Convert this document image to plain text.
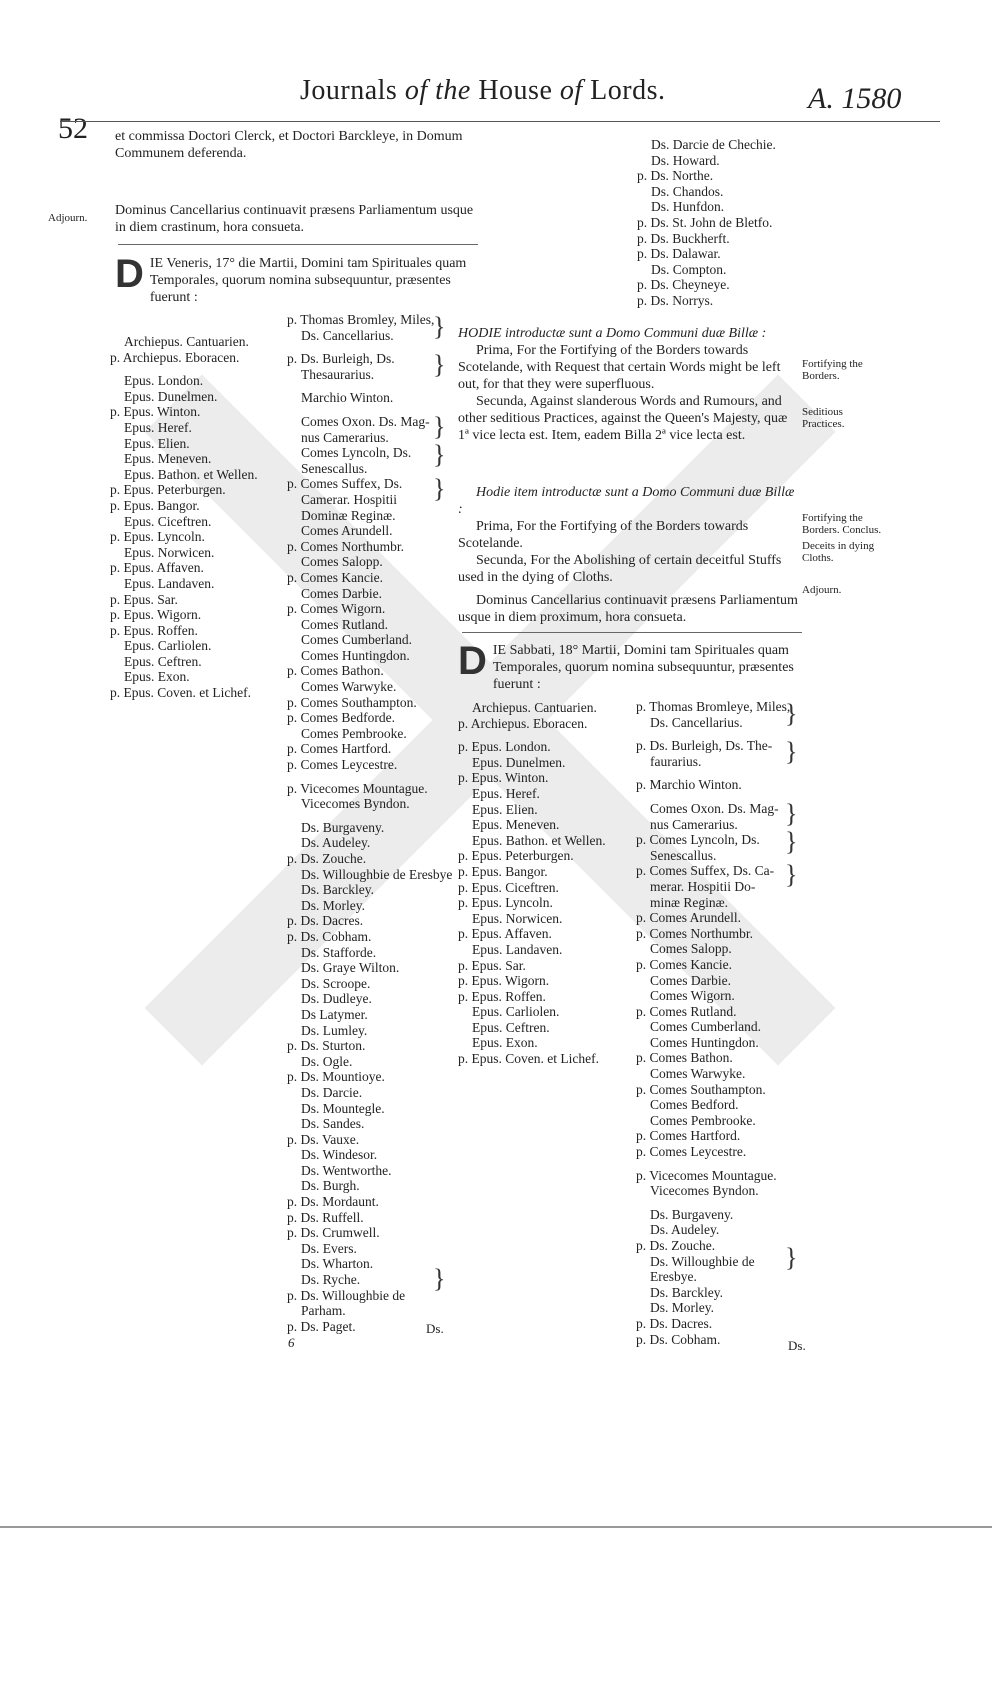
52
Journals of the House of Lords.	A. 1580
et commissa Doctori Clerck, et Doctori Barckleye, in Domum Communem deferenda.
Adjourn. Dominus Cancellarius continuavit præsens Parliamentum usque in diem crastinum, hora consueta.
DIE Veneris, 17° die Martii, Domini tam Spirituales quam Temporales, quorum nomina subsequuntur, præsentes fuerunt :
Archiepus. Cantuarien.
p. Archiepus. Eboracen.
Epus. London.
Epus. Dunelmen.
p. Epus. Winton.
Epus. Heref.
Epus. Elien.
Epus. Meneven.
Epus. Bathon. et Wellen.
p. Epus. Peterburgen.
p. Epus. Bangor.
Epus. Ciceftren.
p. Epus. Lyncoln.
Epus. Norwicen.
p. Epus. Affaven.
Epus. Landaven.
p. Epus. Sar.
p. Epus. Wigorn.
p. Epus. Roffen.
Epus. Carliolen.
Epus. Ceftren.
Epus. Exon.
p. Epus. Coven. et Lichef.
p. Thomas Bromley, Miles,
Ds. Cancellarius.
p. Ds. Burleigh, Ds.
Thesaurarius.
Marchio Winton.
Comes Oxon. Ds. Mag-
nus Camerarius.
Comes Lyncoln, Ds.
Senescallus.
p. Comes Suffex, Ds.
Camerar. Hospitii
Dominæ Reginæ.
Comes Arundell.
p. Comes Northumbr.
Comes Salopp.
p. Comes Kancie.
Comes Darbie.
p. Comes Wigorn.
Comes Rutland.
Comes Cumberland.
Comes Huntingdon.
p. Comes Bathon.
Comes Warwyke.
p. Comes Southampton.
p. Comes Bedforde.
Comes Pembrooke.
p. Comes Hartford.
p. Comes Leycestre.
p. Vicecomes Mountague.
Vicecomes Byndon.
Ds. Burgaveny.
Ds. Audeley.
p. Ds. Zouche.
Ds. Willoughbie de Eresbye
Ds. Barckley.
Ds. Morley.
p. Ds. Dacres.
p. Ds. Cobham.
Ds. Stafforde.
Ds. Graye Wilton.
Ds. Scroope.
Ds. Dudleye.
Ds Latymer.
Ds. Lumley.
p. Ds. Sturton.
Ds. Ogle.
p. Ds. Mountioye.
Ds. Darcie.
Ds. Mountegle.
Ds. Sandes.
p. Ds. Vauxe.
Ds. Windesor.
Ds. Wentworthe.
Ds. Burgh.
p. Ds. Mordaunt.
p. Ds. Ruffell.
p. Ds. Crumwell.
Ds. Evers.
Ds. Wharton.
Ds. Ryche.
p. Ds. Willoughbie de
Parham.
p. Ds. Paget.
}
}
}
}
}
}
Ds. Darcie de Chechie.
Ds. Howard.
p. Ds. Northe.
Ds. Chandos.
Ds. Hunfdon.
p. Ds. St. John de Bletfo.
p. Ds. Buckherft.
p. Ds. Dalawar.
Ds. Compton.
p. Ds. Cheyneye.
p. Ds. Norrys.

HODIE introductæ sunt a Domo Communi duæ Billæ :

Prima, For the Fortifying of the Borders towards Scotelande, with Request that certain Words might be left out, for that they were superfluous.

Secunda, Against slanderous Words and Rumours, and other seditious Practices, against the Queen's Majesty, quæ 1ª vice lecta est. Item, eadem Billa 2ª vice lecta est.

Fortifying the Borders.
Seditious Practices.

Hodie item introductæ sunt a Domo Communi duæ Billæ :

Prima, For the Fortifying of the Borders towards Scotelande.

Secunda, For the Abolishing of certain deceitful Stuffs used in the dying of Cloths.

Dominus Cancellarius continuavit præsens Parliamentum usque in diem proximum, hora consueta.

Fortifying the Borders. Conclus.
Deceits in dying Cloths.
Adjourn.
DIE Sabbati, 18° Martii, Domini tam Spirituales quam Temporales, quorum nomina subsequuntur, præsentes fuerunt :
Archiepus. Cantuarien.
p. Archiepus. Eboracen.
p. Epus. London.
Epus. Dunelmen.
p. Epus. Winton.
Epus. Heref.
Epus. Elien.
Epus. Meneven.
Epus. Bathon. et Wellen.
p. Epus. Peterburgen.
p. Epus. Bangor.
p. Epus. Ciceftren.
p. Epus. Lyncoln.
Epus. Norwicen.
p. Epus. Affaven.
Epus. Landaven.
p. Epus. Sar.
p. Epus. Wigorn.
p. Epus. Roffen.
Epus. Carliolen.
Epus. Ceftren.
Epus. Exon.
p. Epus. Coven. et Lichef.
p. Thomas Bromleye, Miles,
Ds. Cancellarius.
p. Ds. Burleigh, Ds. The-
faurarius.
p. Marchio Winton.
Comes Oxon. Ds. Mag-
nus Camerarius.
p. Comes Lyncoln, Ds.
Senescallus.
p. Comes Suffex, Ds. Ca-
merar. Hospitii Do-
minæ Reginæ.
p. Comes Arundell.
p. Comes Northumbr.
Comes Salopp.
p. Comes Kancie.
Comes Darbie.
Comes Wigorn.
p. Comes Rutland.
Comes Cumberland.
Comes Huntingdon.
p. Comes Bathon.
Comes Warwyke.
p. Comes Southampton.
Comes Bedford.
Comes Pembrooke.
p. Comes Hartford.
p. Comes Leycestre.
p. Vicecomes Mountague.
Vicecomes Byndon.
Ds. Burgaveny.
Ds. Audeley.
p. Ds. Zouche.
Ds. Willoughbie de
Eresbye.
Ds. Barckley.
Ds. Morley.
p. Ds. Dacres.
p. Ds. Cobham.
}
}
}
}
}
}
Ds.
6	Ds.
